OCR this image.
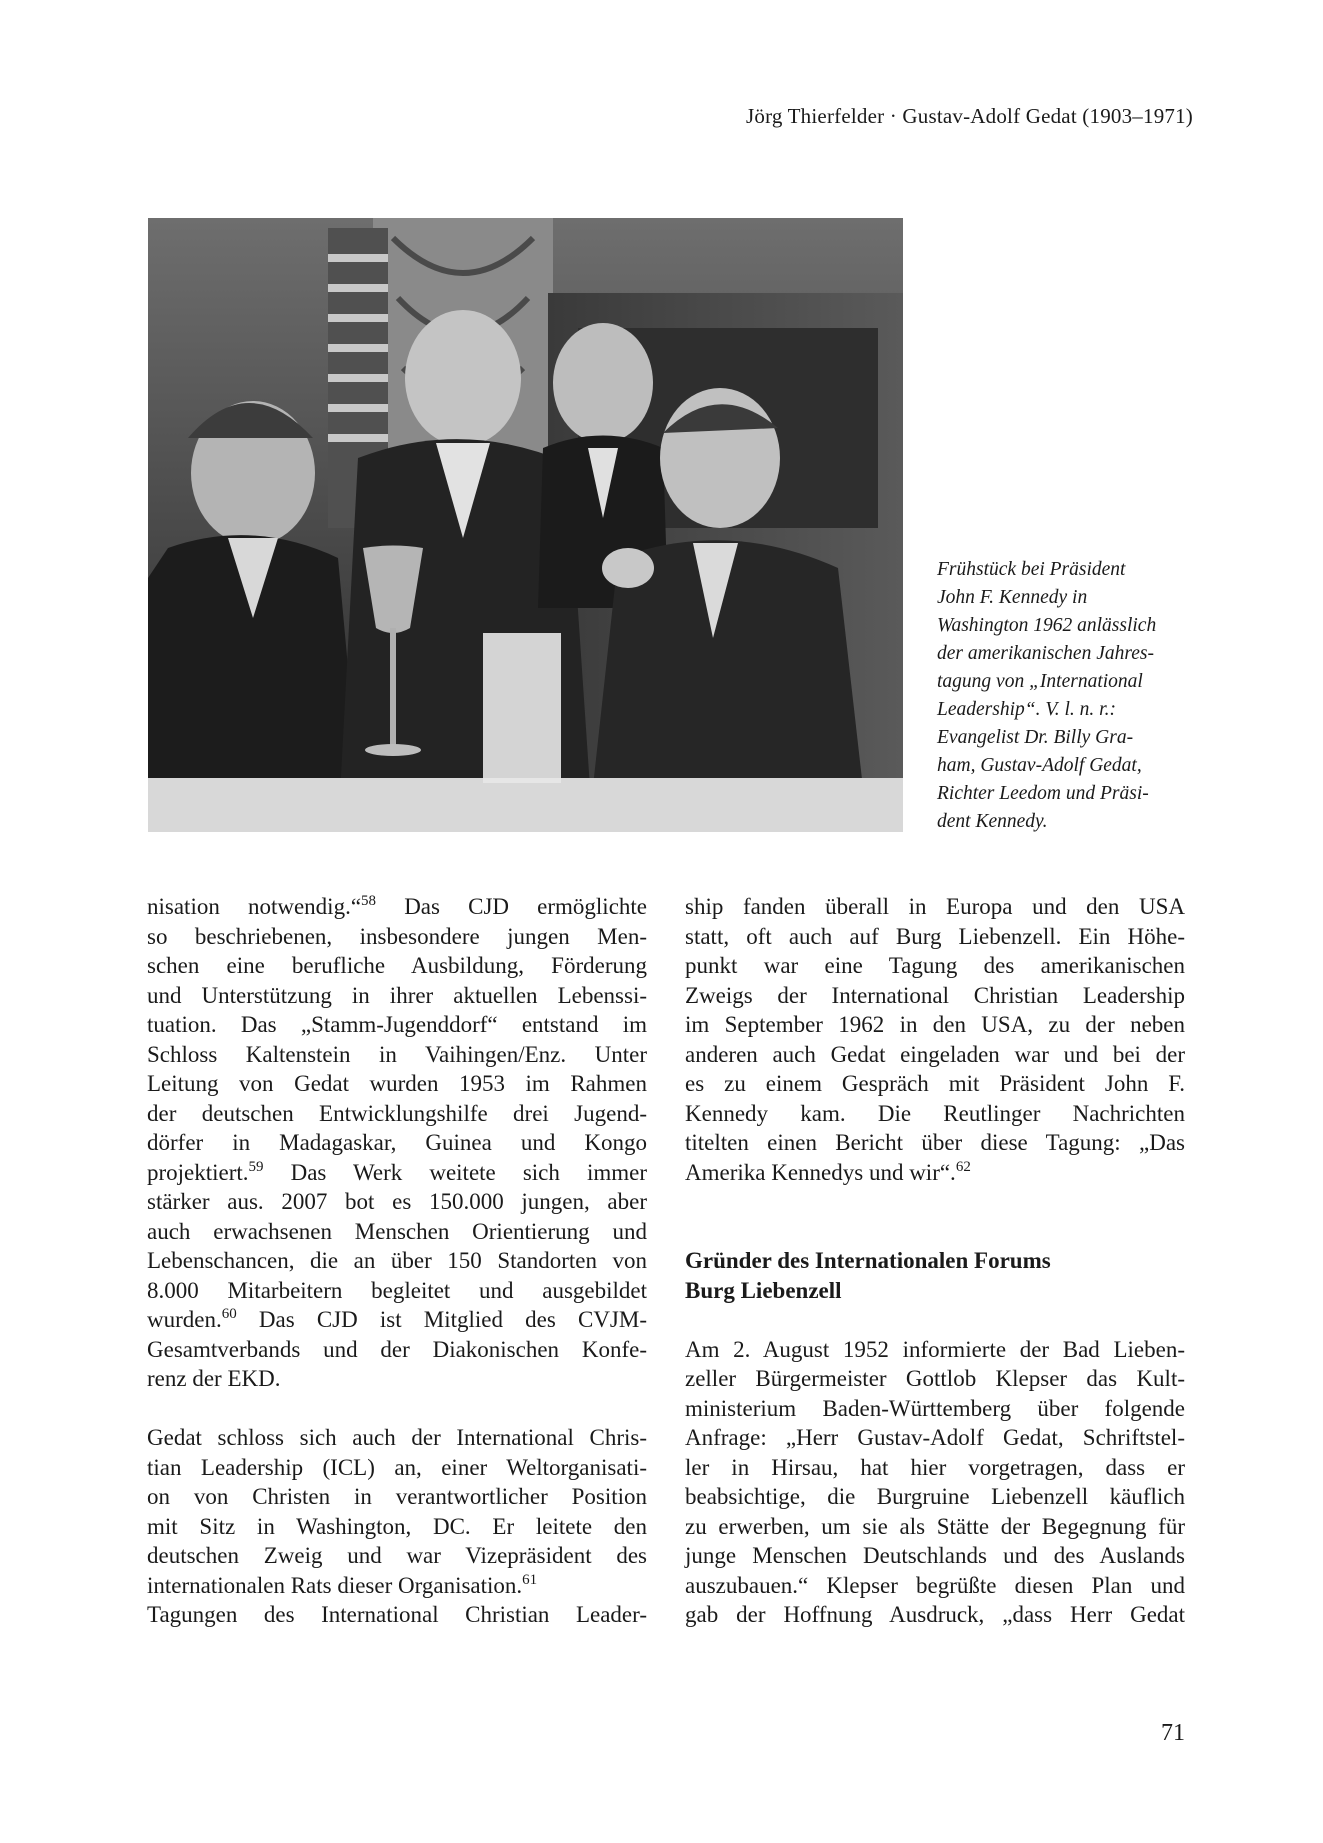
Jörg Thierfelder · Gustav-Adolf Gedat (1903–1971)
Frühstück bei Präsident
John F. Kennedy in
Washington 1962 anlässlich
der amerikanischen Jahres-
tagung von „International
Leadership“. V. l. n. r.:
Evangelist Dr. Billy Gra-
ham, Gustav-Adolf Gedat,
Richter Leedom und Präsi-
dent Kennedy.
nisation notwendig.“$^{58}$ Das CJD ermöglichte
so beschriebenen, insbesondere jungen Men-
schen eine berufliche Ausbildung, Förderung
und Unterstützung in ihrer aktuellen Lebenssi-
tuation. Das „Stamm-Jugenddorf“ entstand im
Schloss Kaltenstein in Vaihingen/Enz. Unter
Leitung von Gedat wurden 1953 im Rahmen
der deutschen Entwicklungshilfe drei Jugend-
dörfer in Madagaskar, Guinea und Kongo
projektiert.$^{59}$ Das Werk weitete sich immer
stärker aus. 2007 bot es 150.000 jungen, aber
auch erwachsenen Menschen Orientierung und
Lebenschancen, die an über 150 Standorten von
8.000 Mitarbeitern begleitet und ausgebildet
wurden.$^{60}$ Das CJD ist Mitglied des CVJM-
Gesamtverbands und der Diakonischen Konfe-
renz der EKD.
Gedat schloss sich auch der International Chris-
tian Leadership (ICL) an, einer Weltorganisati-
on von Christen in verantwortlicher Position
mit Sitz in Washington, DC. Er leitete den
deutschen Zweig und war Vizepräsident des
internationalen Rats dieser Organisation.$^{61}$
Tagungen des International Christian Leader-
ship fanden überall in Europa und den USA
statt, oft auch auf Burg Liebenzell. Ein Höhe-
punkt war eine Tagung des amerikanischen
Zweigs der International Christian Leadership
im September 1962 in den USA, zu der neben
anderen auch Gedat eingeladen war und bei der
es zu einem Gespräch mit Präsident John F.
Kennedy kam. Die Reutlinger Nachrichten
titelten einen Bericht über diese Tagung: „Das
Amerika Kennedys und wir“.$^{62}$
Gründer des Internationalen Forums
Burg Liebenzell
Am 2. August 1952 informierte der Bad Lieben-
zeller Bürgermeister Gottlob Klepser das Kult-
ministerium Baden-Württemberg über folgende
Anfrage: „Herr Gustav-Adolf Gedat, Schriftstel-
ler in Hirsau, hat hier vorgetragen, dass er
beabsichtige, die Burgruine Liebenzell käuflich
zu erwerben, um sie als Stätte der Begegnung für
junge Menschen Deutschlands und des Auslands
auszubauen.“ Klepser begrüßte diesen Plan und
gab der Hoffnung Ausdruck, „dass Herr Gedat
71
